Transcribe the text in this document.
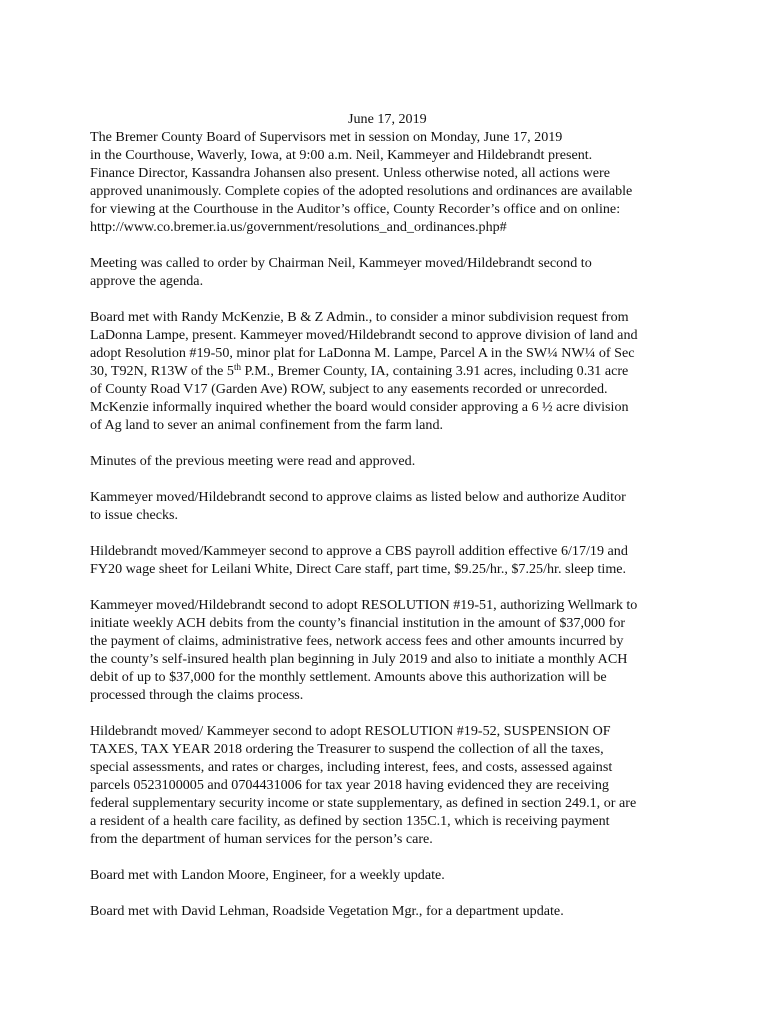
June 17, 2019

The Bremer County Board of Supervisors met in session on Monday, June 17, 2019
in the Courthouse, Waverly, Iowa, at 9:00 a.m. Neil, Kammeyer and Hildebrandt present.
Finance Director, Kassandra Johansen also present. Unless otherwise noted, all actions were
approved unanimously. Complete copies of the adopted resolutions and ordinances are available
for viewing at the Courthouse in the Auditor’s office, County Recorder’s office and on online:
http://www.co.bremer.ia.us/government/resolutions_and_ordinances.php#

Meeting was called to order by Chairman Neil, Kammeyer moved/Hildebrandt second to
approve the agenda.

Board met with Randy McKenzie, B & Z Admin., to consider a minor subdivision request from
LaDonna Lampe, present. Kammeyer moved/Hildebrandt second to approve division of land and
adopt Resolution #19-50, minor plat for LaDonna M. Lampe, Parcel A in the SW¼ NW¼ of Sec
30, T92N, R13W of the 5th P.M., Bremer County, IA, containing 3.91 acres, including 0.31 acre
of County Road V17 (Garden Ave) ROW, subject to any easements recorded or unrecorded.
McKenzie informally inquired whether the board would consider approving a 6 ½ acre division
of Ag land to sever an animal confinement from the farm land.

Minutes of the previous meeting were read and approved.

Kammeyer moved/Hildebrandt second to approve claims as listed below and authorize Auditor
to issue checks.

Hildebrandt moved/Kammeyer second to approve a CBS payroll addition effective 6/17/19 and
FY20 wage sheet for Leilani White, Direct Care staff, part time, $9.25/hr., $7.25/hr. sleep time.

Kammeyer moved/Hildebrandt second to adopt RESOLUTION #19-51, authorizing Wellmark to
initiate weekly ACH debits from the county’s financial institution in the amount of $37,000 for
the payment of claims, administrative fees, network access fees and other amounts incurred by
the county’s self-insured health plan beginning in July 2019 and also to initiate a monthly ACH
debit of up to $37,000 for the monthly settlement. Amounts above this authorization will be
processed through the claims process.

Hildebrandt moved/ Kammeyer second to adopt RESOLUTION #19-52, SUSPENSION OF
TAXES, TAX YEAR 2018 ordering the Treasurer to suspend the collection of all the taxes,
special assessments, and rates or charges, including interest, fees, and costs, assessed against
parcels 0523100005 and 0704431006 for tax year 2018 having evidenced they are receiving
federal supplementary security income or state supplementary, as defined in section 249.1, or are
a resident of a health care facility, as defined by section 135C.1, which is receiving payment
from the department of human services for the person’s care.

Board met with Landon Moore, Engineer, for a weekly update.

Board met with David Lehman, Roadside Vegetation Mgr., for a department update.
